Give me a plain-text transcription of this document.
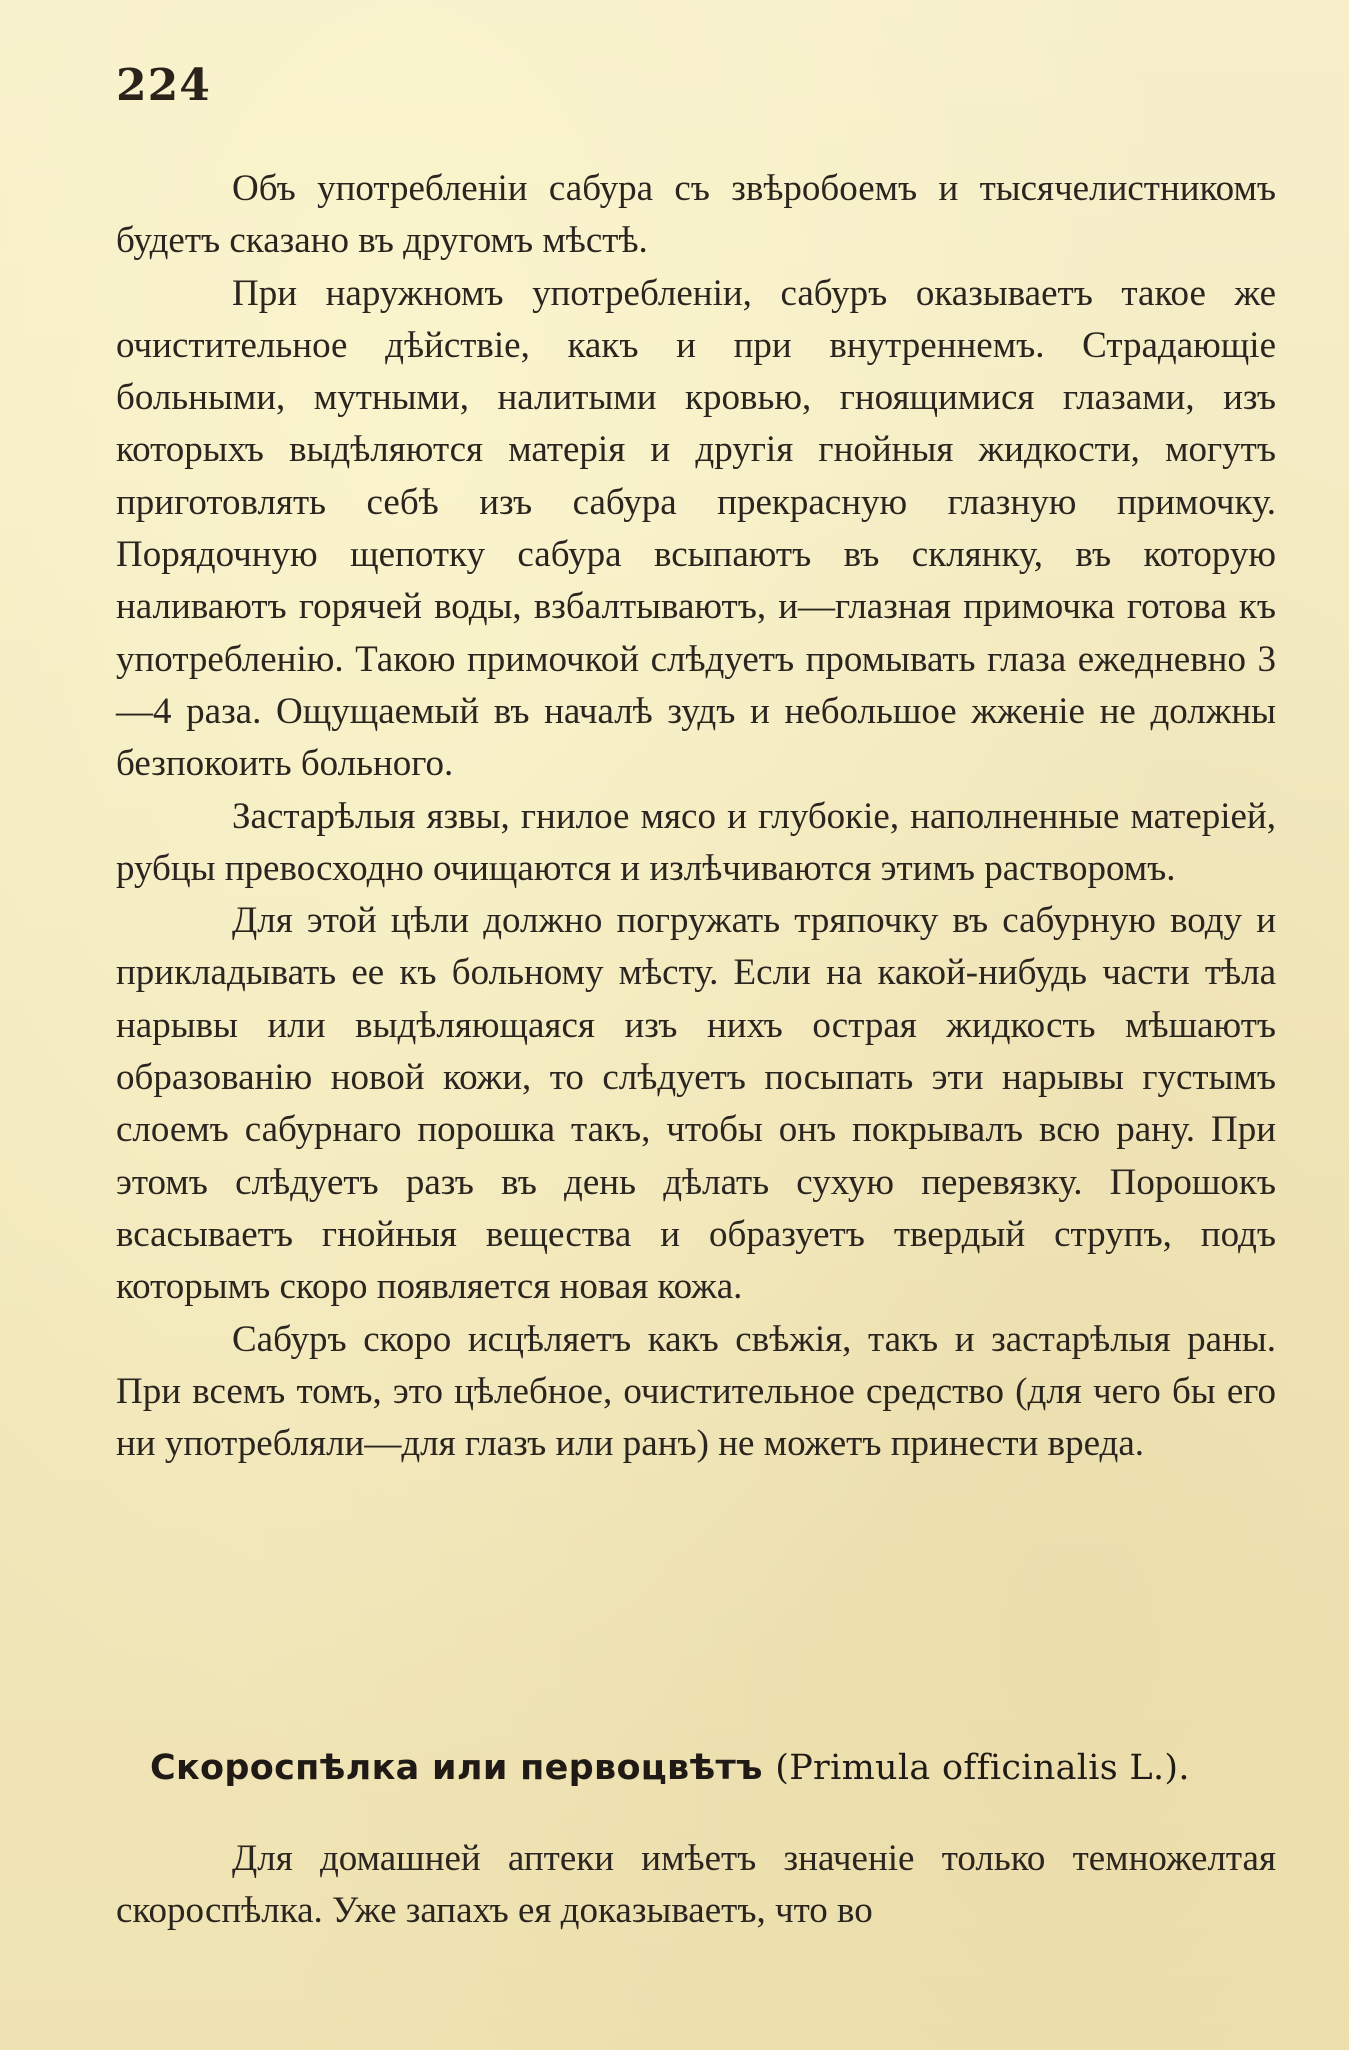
224

Объ употребленіи сабура съ звѣробоемъ и тысячелистникомъ будетъ сказано въ другомъ мѣстѣ.

При наружномъ употребленіи, сабуръ оказываетъ такое же очистительное дѣйствіе, какъ и при внутреннемъ. Страдающіе больными, мутными, налитыми кровью, гноящимися глазами, изъ которыхъ выдѣляются матерія и другія гнойныя жидкости, могутъ приготовлять себѣ изъ сабура прекрасную глазную примочку. Порядочную щепотку сабура всыпаютъ въ склянку, въ которую наливаютъ горячей воды, взбалтываютъ, и—глазная примочка готова къ употребленію. Такою примочкой слѣдуетъ промывать глаза ежедневно 3—4 раза. Ощущаемый въ началѣ зудъ и небольшое жженіе не должны безпокоить больного.

Застарѣлыя язвы, гнилое мясо и глубокіе, наполненные матеріей, рубцы превосходно очищаются и излѣчиваются этимъ растворомъ.

Для этой цѣли должно погружать тряпочку въ сабурную воду и прикладывать ее къ больному мѣсту. Если на какой-нибудь части тѣла нарывы или выдѣляющаяся изъ нихъ острая жидкость мѣшаютъ образованію новой кожи, то слѣдуетъ посыпать эти нарывы густымъ слоемъ сабурнаго порошка такъ, чтобы онъ покрывалъ всю рану. При этомъ слѣдуетъ разъ въ день дѣлать сухую перевязку. Порошокъ всасываетъ гнойныя вещества и образуетъ твердый струпъ, подъ которымъ скоро появляется новая кожа.

Сабуръ скоро исцѣляетъ какъ свѣжія, такъ и застарѣлыя раны. При всемъ томъ, это цѣлебное, очистительное средство (для чего бы его ни употребляли—для глазъ или ранъ) не можетъ принести вреда.

Скороспѣлка или первоцвѣтъ (Primula officinalis L.).

Для домашней аптеки имѣетъ значеніе только темножелтая скороспѣлка. Уже запахъ ея доказываетъ, что во
